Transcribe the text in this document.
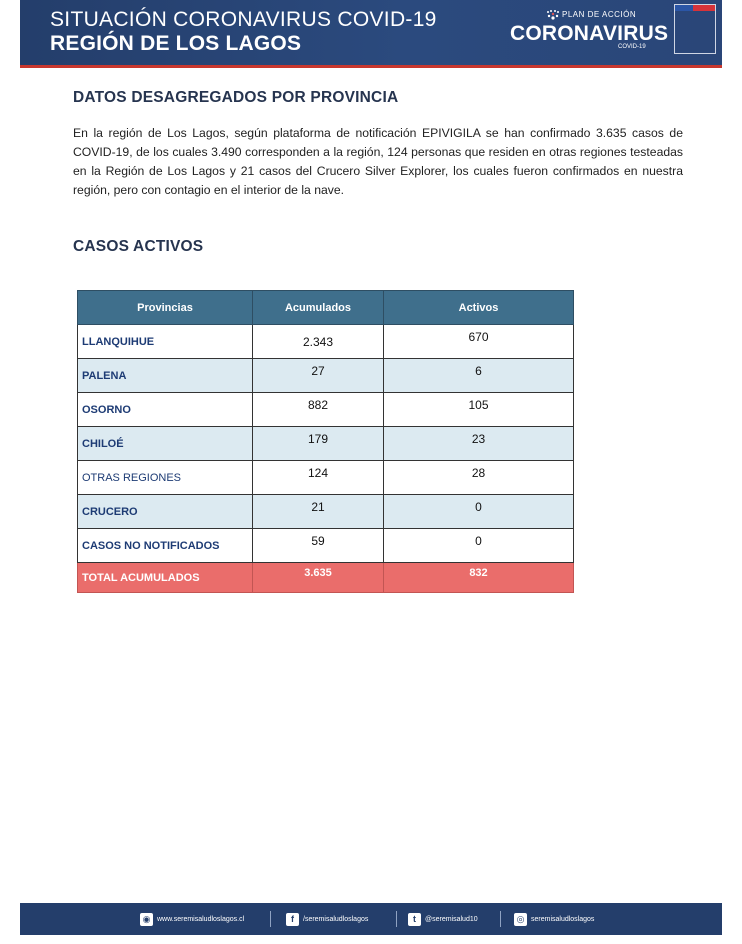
SITUACIÓN CORONAVIRUS COVID-19
REGIÓN DE LOS LAGOS
PLAN DE ACCIÓN
CORONAVIRUS
COVID-19
DATOS DESAGREGADOS POR PROVINCIA
En la región de Los Lagos, según plataforma de notificación EPIVIGILA se han confirmado 3.635 casos de COVID-19, de los cuales 3.490 corresponden a la región, 124 personas que residen en otras regiones testeadas en la Región de Los Lagos y 21 casos del Crucero Silver Explorer, los cuales fueron confirmados en nuestra región, pero con contagio en el interior de la nave.
CASOS ACTIVOS
Provincias	Acumulados	Activos
LLANQUIHUE	2.343	670
PALENA	27	6
OSORNO	882	105
CHILOÉ	179	23
OTRAS REGIONES	124	28
CRUCERO	21	0
CASOS NO NOTIFICADOS	59	0
TOTAL ACUMULADOS	3.635	832
◉ www.seremisaludloslagos.cl	f	/seremisaludloslagos	t	@seremisalud10	◎ seremisaludloslagos
